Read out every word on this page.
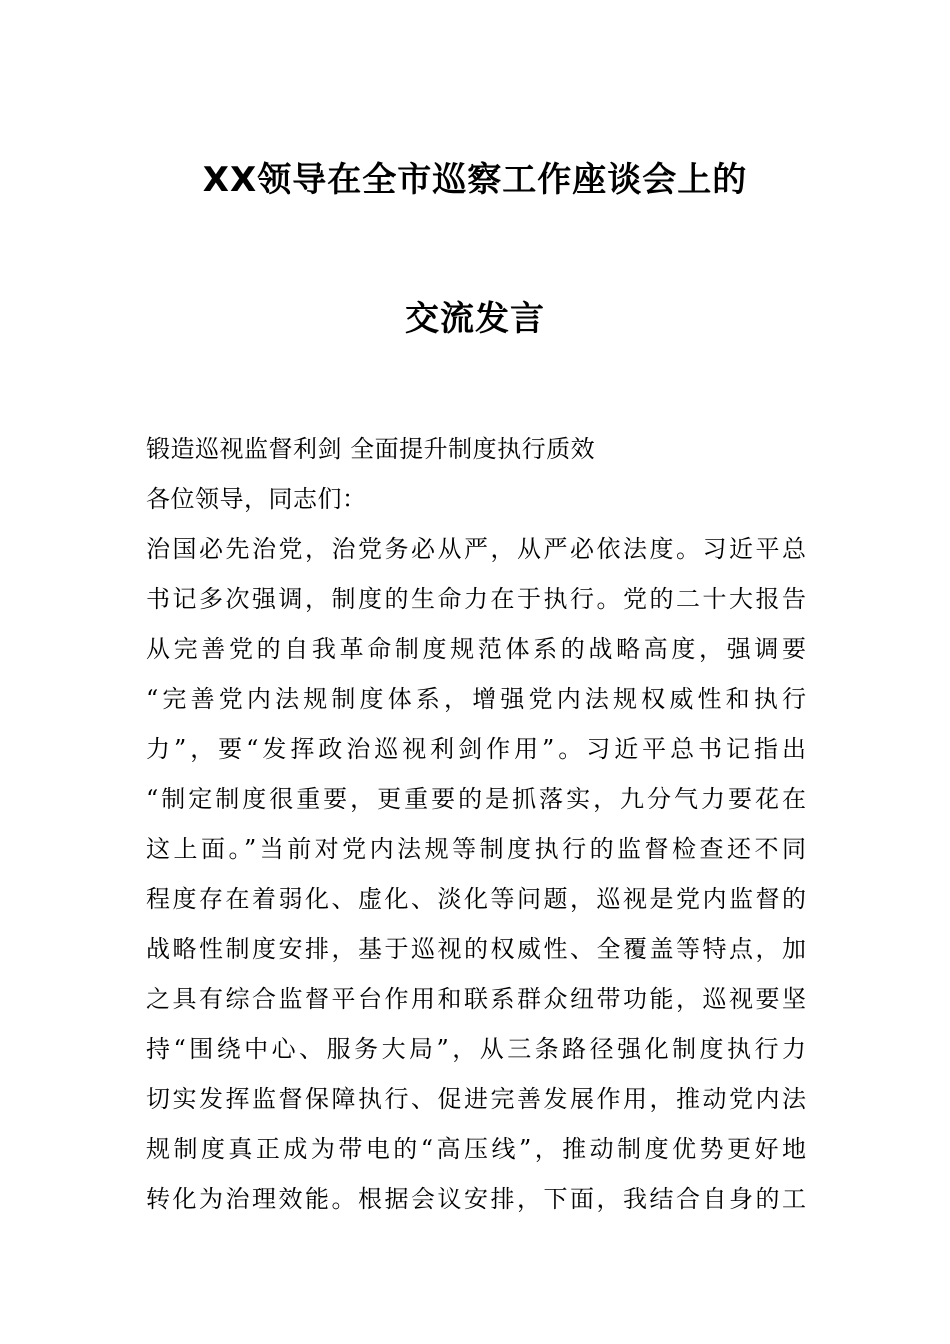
XX领导在全市巡察工作座谈会上的
交流发言
锻造巡视监督利剑 全面提升制度执行质效
各位领导，同志们：
治国必先治党，治党务必从严，从严必依法度。习近平总
书记多次强调，制度的生命力在于执行。党的二十大报告
从完善党的自我革命制度规范体系的战略高度，强调要
“完善党内法规制度体系，增强党内法规权威性和执行
力”，要“发挥政治巡视利剑作用”。习近平总书记指出
“制定制度很重要，更重要的是抓落实，九分气力要花在
这上面。”当前对党内法规等制度执行的监督检查还不同
程度存在着弱化、虚化、淡化等问题，巡视是党内监督的
战略性制度安排，基于巡视的权威性、全覆盖等特点，加
之具有综合监督平台作用和联系群众纽带功能，巡视要坚
持“围绕中心、服务大局”，从三条路径强化制度执行力
切实发挥监督保障执行、促进完善发展作用，推动党内法
规制度真正成为带电的“高压线”，推动制度优势更好地
转化为治理效能。根据会议安排，下面，我结合自身的工
